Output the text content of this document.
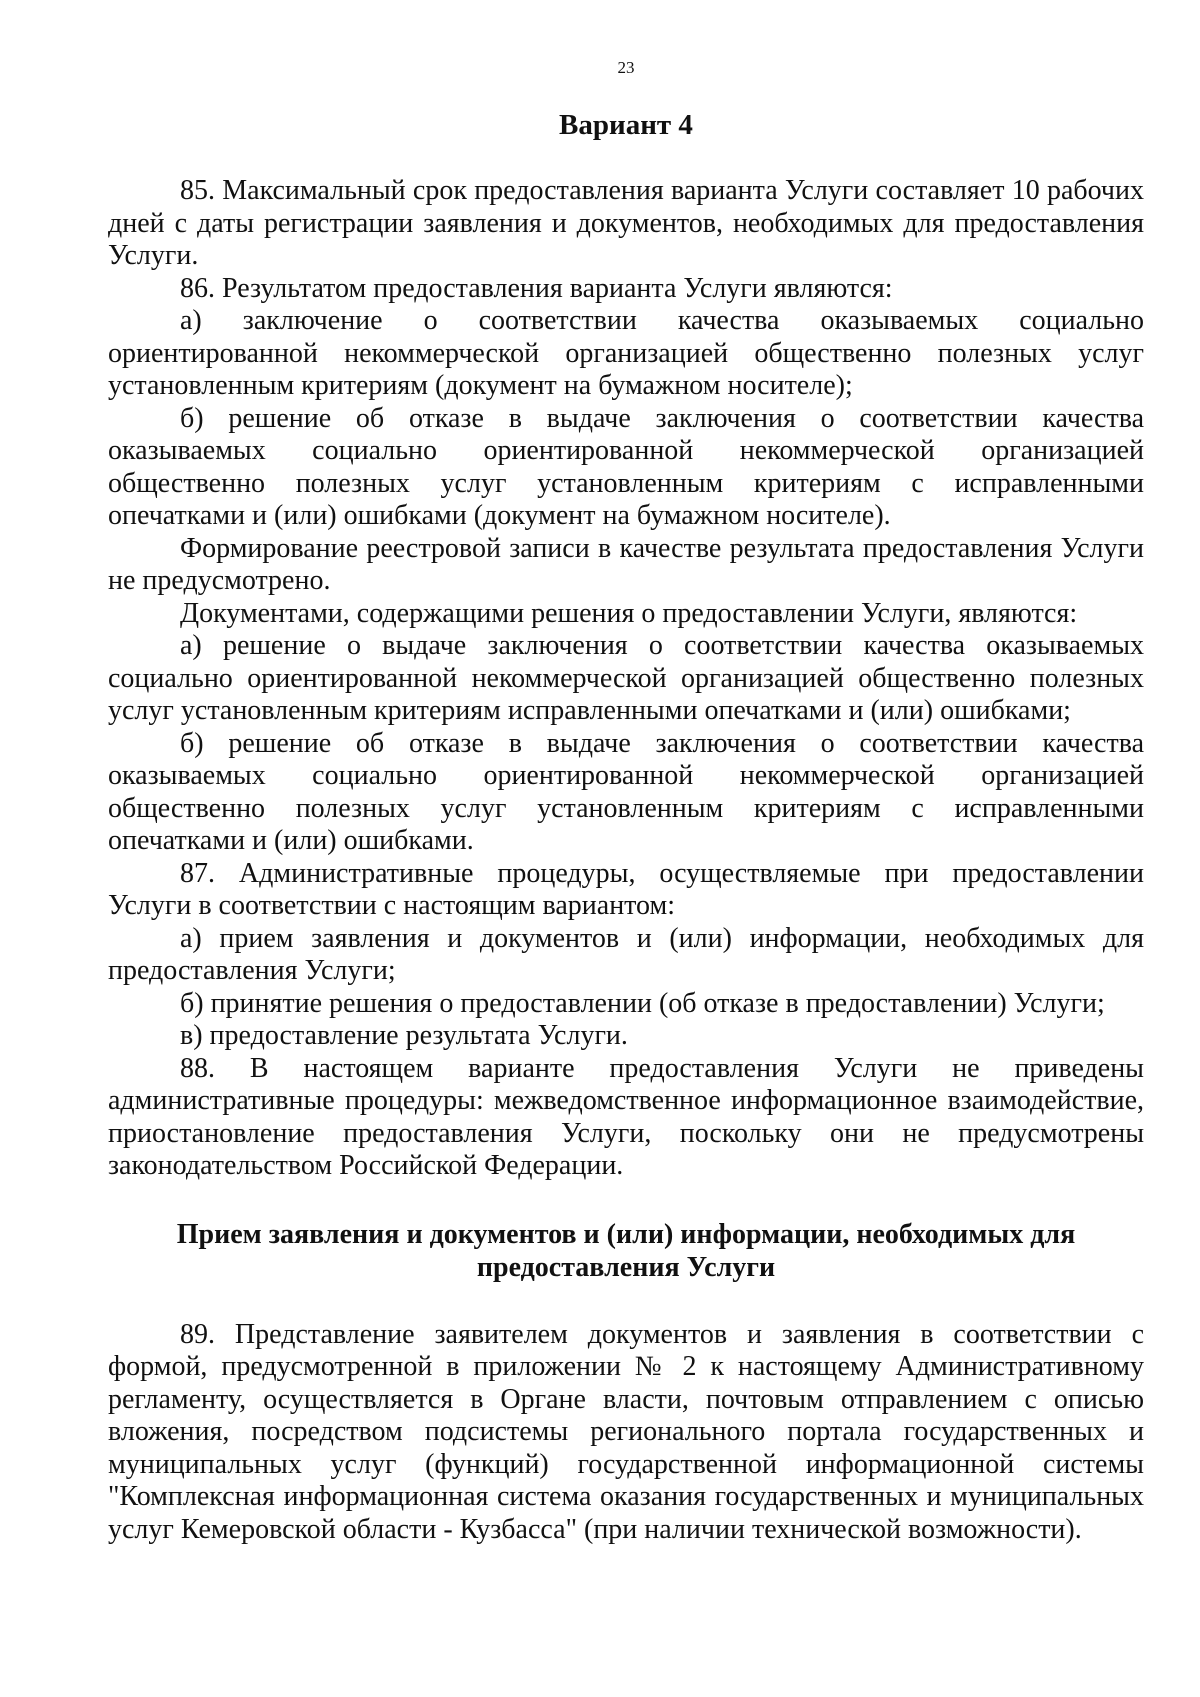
23
Вариант 4

85. Максимальный срок предоставления варианта Услуги составляет 10 рабочих дней с даты регистрации заявления и документов, необходимых для предоставления Услуги.

86. Результатом предоставления варианта Услуги являются:

а) заключение о соответствии качества оказываемых социально ориентированной некоммерческой организацией общественно полезных услуг установленным критериям (документ на бумажном носителе);

б) решение об отказе в выдаче заключения о соответствии качества оказываемых социально ориентированной некоммерческой организацией общественно полезных услуг установленным критериям с исправленными опечатками и (или) ошибками (документ на бумажном носителе).

Формирование реестровой записи в качестве результата предоставления Услуги не предусмотрено.

Документами, содержащими решения о предоставлении Услуги, являются:

а) решение о выдаче заключения о соответствии качества оказываемых социально ориентированной некоммерческой организацией общественно полезных услуг установленным критериям исправленными опечатками и (или) ошибками;

б) решение об отказе в выдаче заключения о соответствии качества оказываемых социально ориентированной некоммерческой организацией общественно полезных услуг установленным критериям с исправленными опечатками и (или) ошибками.

87. Административные процедуры, осуществляемые при предоставлении Услуги в соответствии с настоящим вариантом:

а) прием заявления и документов и (или) информации, необходимых для предоставления Услуги;

б) принятие решения о предоставлении (об отказе в предоставлении) Услуги;

в) предоставление результата Услуги.

88. В настоящем варианте предоставления Услуги не приведены административные процедуры: межведомственное информационное взаимодействие, приостановление предоставления Услуги, поскольку они не предусмотрены законодательством Российской Федерации.

Прием заявления и документов и (или) информации, необходимых для предоставления Услуги

89. Представление заявителем документов и заявления в соответствии с формой, предусмотренной в приложении № 2 к настоящему Административному регламенту, осуществляется в Органе власти, почтовым отправлением с описью вложения, посредством подсистемы регионального портала государственных и муниципальных услуг (функций) государственной информационной системы "Комплексная информационная система оказания государственных и муниципальных услуг Кемеровской области - Кузбасса" (при наличии технической возможности).
